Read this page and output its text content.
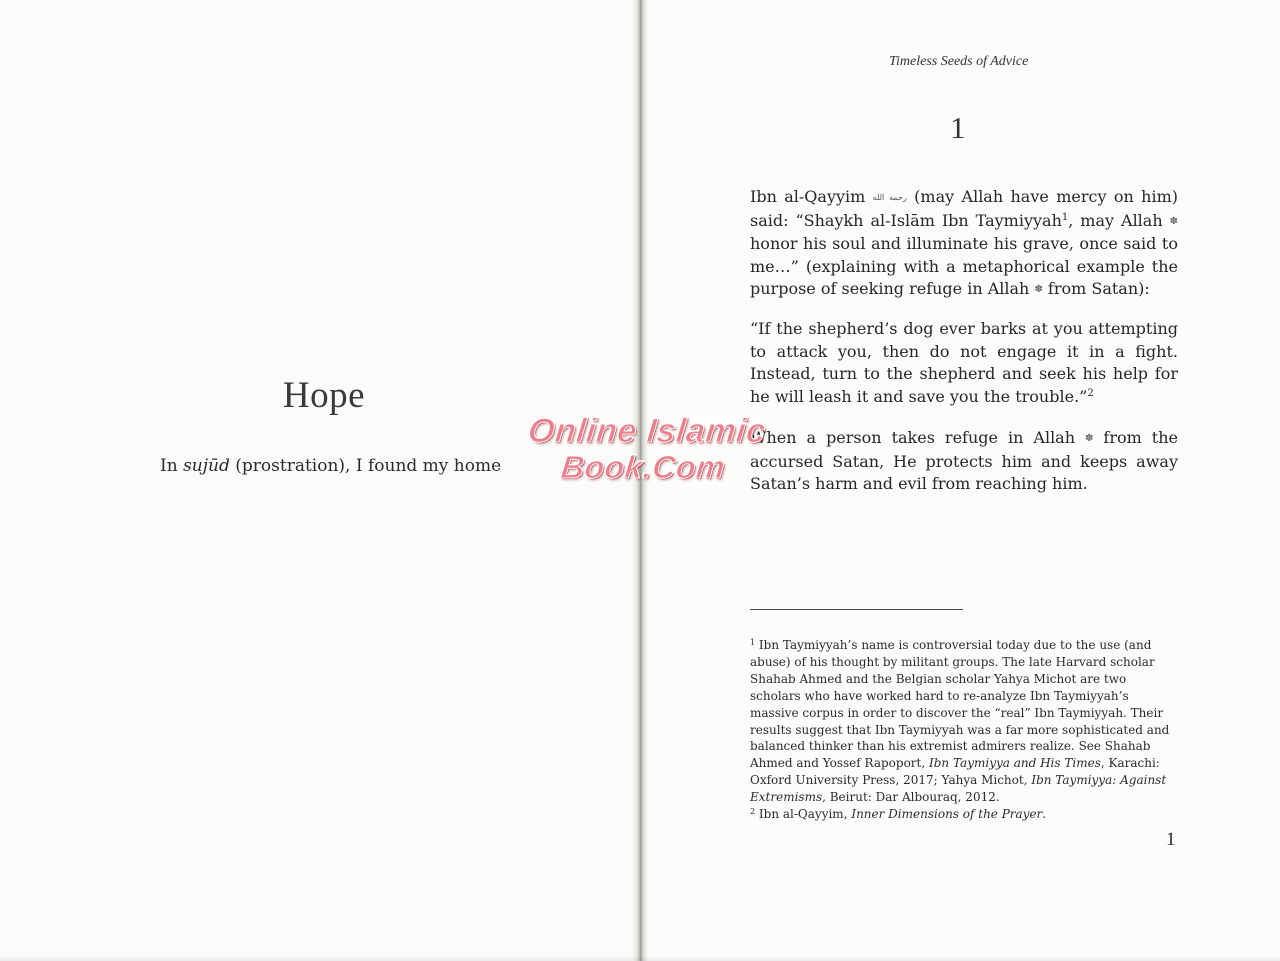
Hope
In sujūd (prostration), I found my home
Timeless Seeds of Advice
1

Ibn al-Qayyim رحمه الله (may Allah have mercy on him) said: “Shaykh al-Islām Ibn Taymiyyah$^1$, may Allah ✽ honor his soul and illuminate his grave, once said to me…” (explaining with a metaphorical example the purpose of seeking refuge in Allah ✽ from Satan):

“If the shepherd’s dog ever barks at you attempting to attack you, then do not engage it in a fight. Instead, turn to the shepherd and seek his help for he will leash it and save you the trouble.”$^2$

When a person takes refuge in Allah ✽ from the accursed Satan, He protects him and keeps away Satan’s harm and evil from reaching him.

$^1$ Ibn Taymiyyah’s name is controversial today due to the use (and abuse) of his thought by militant groups. The late Harvard scholar Shahab Ahmed and the Belgian scholar Yahya Michot are two scholars who have worked hard to re-analyze Ibn Taymiyyah’s massive corpus in order to discover the “real” Ibn Taymiyyah. Their results suggest that Ibn Taymiyyah was a far more sophisticated and balanced thinker than his extremist admirers realize. See Shahab Ahmed and Yossef Rapoport, Ibn Taymiyya and His Times, Karachi: Oxford University Press, 2017; Yahya Michot, Ibn Taymiyya: Against Extremisms, Beirut: Dar Albouraq, 2012.

$^2$ Ibn al-Qayyim, Inner Dimensions of the Prayer.

1
Online Islamic
Book.Com
